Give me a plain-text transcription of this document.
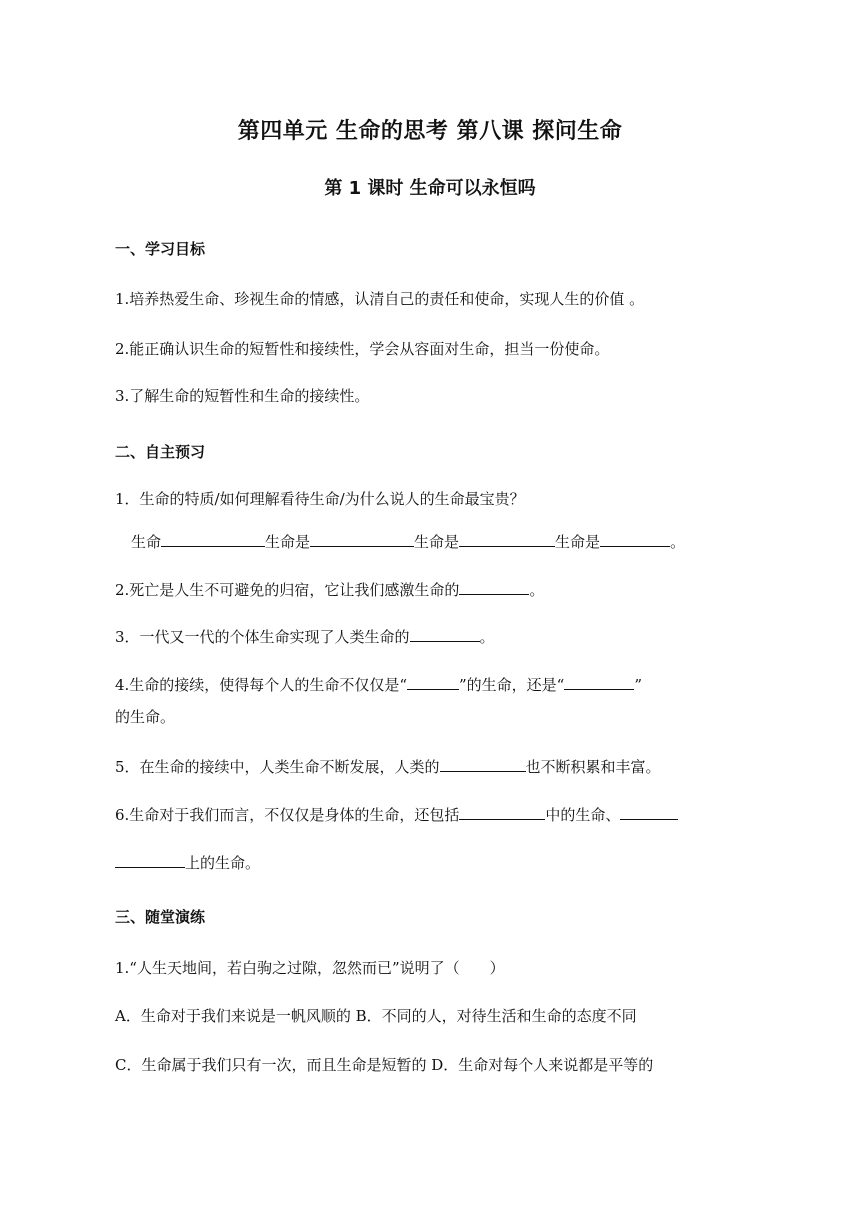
第四单元 生命的思考 第八课 探问生命
第 1 课时 生命可以永恒吗
一、学习目标
1.培养热爱生命、珍视生命的情感，认清自己的责任和使命，实现人生的价值 。
2.能正确认识生命的短暂性和接续性，学会从容面对生命，担当一份使命。
3.了解生命的短暂性和生命的接续性。
二、自主预习
1．生命的特质/如何理解看待生命/为什么说人的生命最宝贵？
生命	生命是	生命是	生命是	。
2.死亡是人生不可避免的归宿，它让我们感激生命的	。
3．一代又一代的个体生命实现了人类生命的	。
4.生命的接续，使得每个人的生命不仅仅是“	”的生命，还是“	”
的生命。
5．在生命的接续中，人类生命不断发展，人类的	也不断积累和丰富。
6.生命对于我们而言，不仅仅是身体的生命，还包括	中的生命、
上的生命。
三、随堂演练
1.“人生天地间，若白驹之过隙，忽然而已”说明了（　　）
A．生命对于我们来说是一帆风顺的 B．不同的人，对待生活和生命的态度不同
C．生命属于我们只有一次，而且生命是短暂的 D．生命对每个人来说都是平等的
